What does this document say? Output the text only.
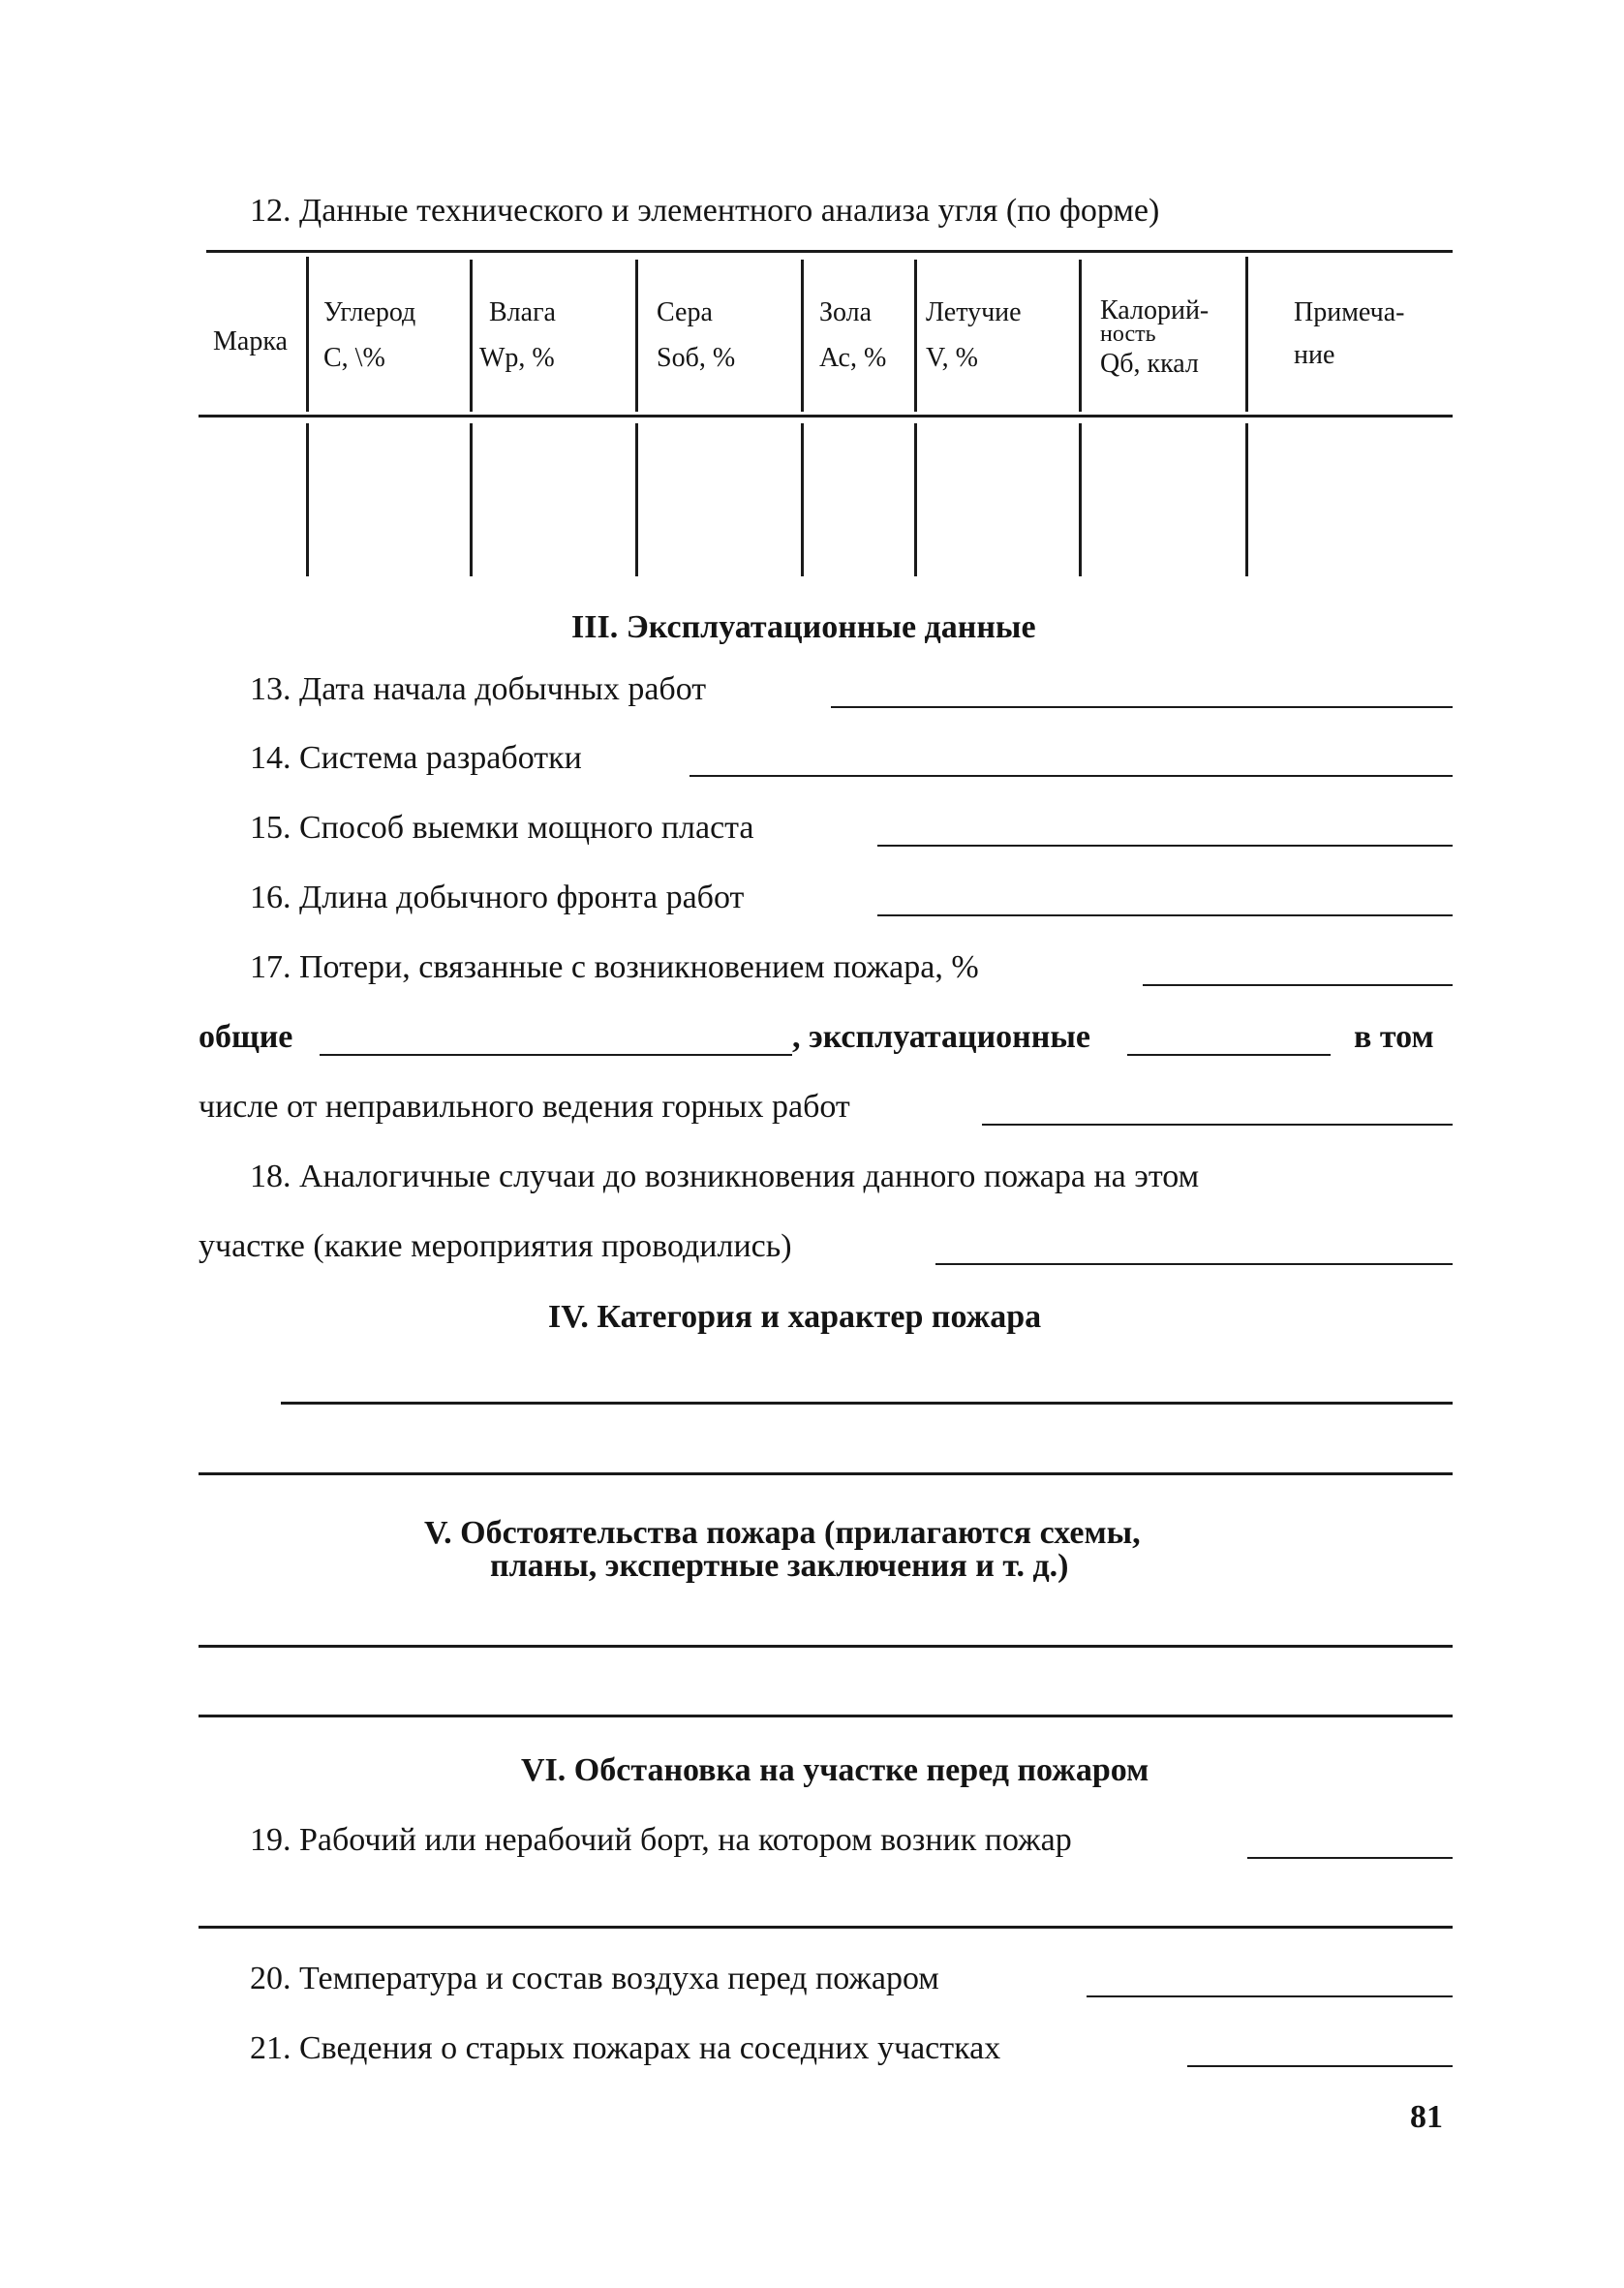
12. Данные технического и элементного анализа угля (по форме)
Марка
Углерод
С, \%
Влага
Wp, %
Сера
Sоб, %
Зола
Ас, %
Летучие
V, %
Калорий-
ность
Qб, ккал
Примеча-
ние
III. Эксплуатационные данные
13. Дата начала добычных работ
14. Система разработки
15. Способ выемки мощного пласта
16. Длина добычного фронта работ
17. Потери, связанные с возникновением пожара, %
общие	, эксплуатационные	в том
числе от неправильного ведения горных работ
18. Аналогичные случаи до возникновения данного пожара на этом
участке (какие мероприятия проводились)
IV. Категория и характер пожара
V. Обстоятельства пожара (прилагаются схемы,
планы, экспертные заключения и т. д.)
VI. Обстановка на участке перед пожаром
19. Рабочий или нерабочий борт, на котором возник пожар
20. Температура и состав воздуха перед пожаром
21. Сведения о старых пожарах на соседних участках
81
